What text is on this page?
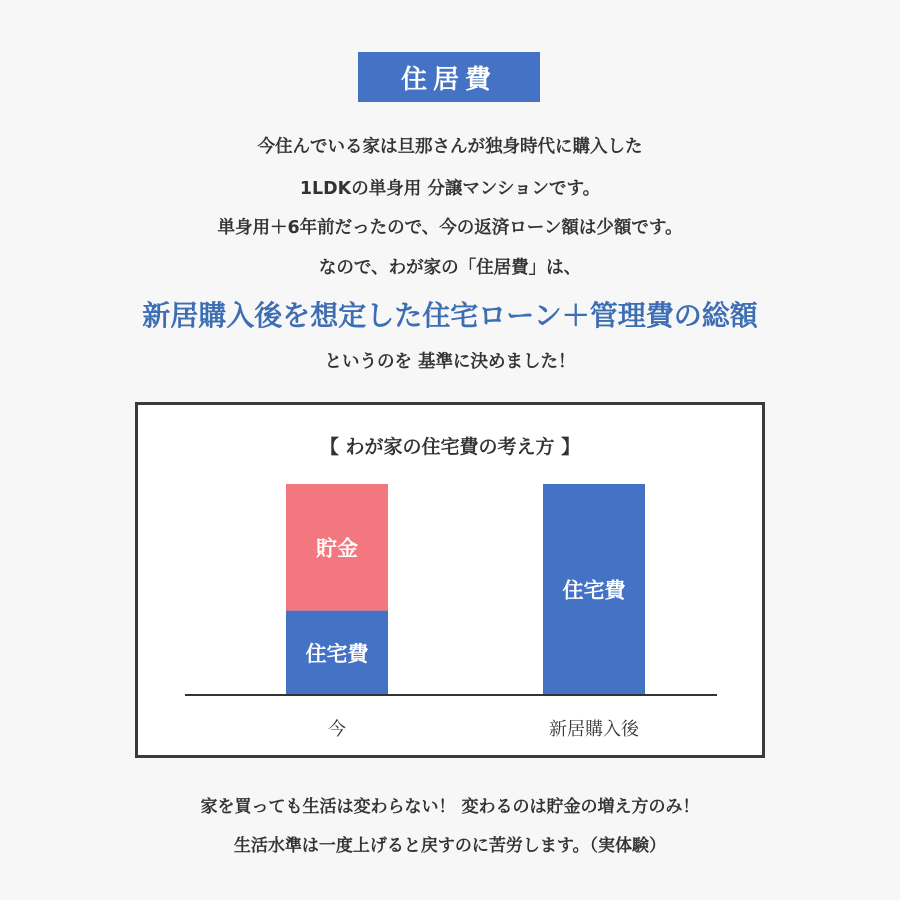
住居費
今住んでいる家は旦那さんが独身時代に購入した
1LDKの単身用 分譲マンションです。
単身用＋6年前だったので、今の返済ローン額は少額です。
なので、わが家の「住居費」は、
新居購入後を想定した住宅ローン＋管理費の総額
というのを 基準に決めました！
【 わが家の住宅費の考え方 】
住宅費
貯金
今
住宅費
新居購入後
家を買っても生活は変わらない！ 変わるのは貯金の増え方のみ！
生活水準は一度上げると戻すのに苦労します。（実体験）
